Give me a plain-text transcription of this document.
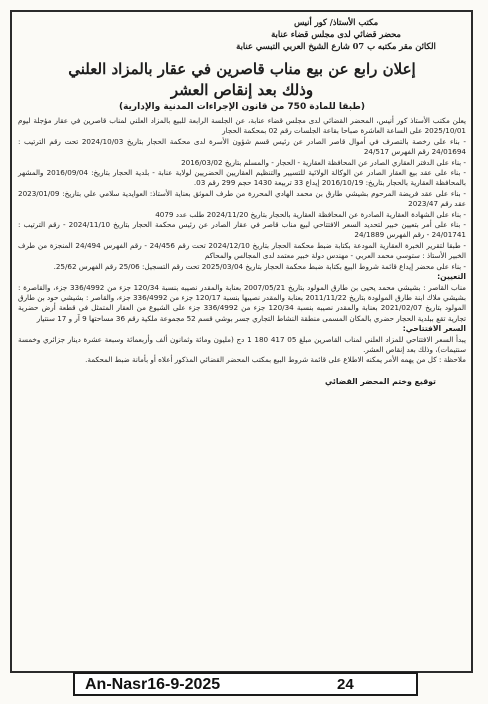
مكتب الأستاذ/ كور أنيس
محضر قضائي لدى مجلس قضاء عنابة
الكائن مقر مكتبه ب 07 شارع الشيخ العربي التبسي عنابة
إعلان رابع عن بيع مناب قاصرين في عقار بالمزاد العلني
وذلك بعد إنقاص العشر
(طبقا للمادة 750 من قانون الإجراءات المدنية والإدارية)

يعلن مكتب الأستاذ كور أنيس، المحضر القضائي لدى مجلس قضاء عنابة، عن الجلسة الرابعة للبيع بالمزاد العلني لمناب قاصرين في عقار مؤجلة ليوم 2025/10/01 على الساعة العاشرة صباحا بقاعة الجلسات رقم 02 بمحكمة الحجار

- بناء على رخصة بالتصرف في أموال قاصر الصادر عن رئيس قسم شؤون الأسرة لدى محكمة الحجار بتاريخ 2024/10/03 تحت رقم الترتيب : 24/01694 رقم الفهرس 24/517

- بناء على الدفتر العقاري الصادر عن المحافظة العقارية - الحجار - والمسلم بتاريخ 2016/03/02

- بناء على عقد بيع العقار الصادر عن الوكالة الولائية للتسيير والتنظيم العقاريين الحضريين لولاية عنابة - بلدية الحجار بتاريخ: 2016/09/04 والمشهر بالمحافظة العقارية بالحجار بتاريخ: 2016/10/19 إيداع 33 تربيعة 1430 حجم 299 رقم 03.

- بناء على عقد فريضة المرحوم بشيشي طارق بن محمد الهادي المحررة من طرف الموثق بعناية الأستاذ: العوايدية سلامي علي بتاريخ: 2023/01/09 عقد رقم 2023/47

- بناء على الشهادة العقارية الصادرة عن المحافظة العقارية بالحجار بتاريخ 2024/11/20 طلب عدد 4079

- بناء على أمر بتعيين خبير لتحديد السعر الافتتاحي لبيع مناب قاصر في عقار الصادر عن رئيس محكمة الحجار بتاريخ 2024/11/10 - رقم الترتيب : 24/01741 - رقم الفهرس 24/1889

- طبقا لتقرير الخبرة العقارية المودعة بكتابة ضبط محكمة الحجار بتاريخ 2024/12/10 تحت رقم 24/456 - رقم الفهرس 24/494 المنجزة من طرف الخبير الأستاذ : ستوسي محمد العربي - مهندس دولة خبير معتمد لدى المجالس والمحاكم

- بناء على محضر إيداع قائمة شروط البيع بكتابة ضبط محكمة الحجار بتاريخ 2025/03/04 تحت رقم التسجيل: 25/06 رقم الفهرس 25/62.

التعيين:

مناب القاصر : بشيشي محمد يحيى بن طارق المولود بتاريخ 2007/05/21 بعنابة والمقدر نصيبه بنسبة 120/34 جزء من 336/4992 جزء، والقاصرة : بشيشي ملاك ابنة طارق المولودة بتاريخ 2011/11/22 بعنابة والمقدر نصيبها بنسبة 120/17 جزء من 336/4992 جزء، والقاصر : بشيشي حود بن طارق المولود بتاريخ 2021/02/07 بعنابة والمقدر نصيبه بنسبة 120/34 جزء من 336/4992 جزء على الشيوع من العقار المتمثل في قطعة أرض حضرية تجارية تقع ببلدية الحجار حضري بالمكان المسمى منطقة النشاط التجاري جسر بوشي قسم 52 مجموعة ملكية رقم 36 مساحتها 9 آر و 17 سنتيار

السعر الافتتاحي:

يبدأ السعر الافتتاحي للمزاد العلني لمناب القاصرين مبلغ 05 417 180 1 دج (مليون ومائة وثمانون ألف وأربعمائة وسبعة عشرة دينار جزائري وخمسة سنتيمات)، وذلك بعد إنقاص العشر.

ملاحظة : كل من يهمه الأمر يمكنه الاطلاع على قائمة شروط البيع بمكتب المحضر القضائي المذكور أعلاه أو بأمانة ضبط المحكمة.

توقيع وختم المحضر القضائي
An-Nasr16-9-2025	24
